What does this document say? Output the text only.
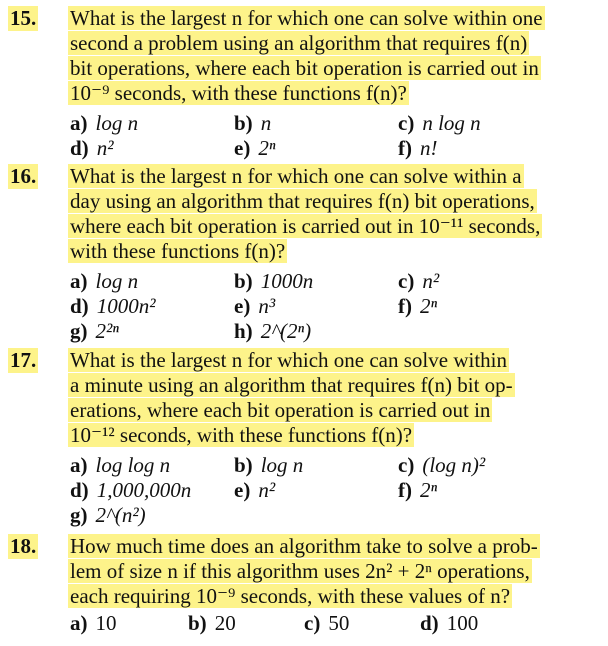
15. What is the largest n for which one can solve within one
second a problem using an algorithm that requires f(n)
bit operations, where each bit operation is carried out in
10⁻⁹ seconds, with these functions f(n)?
a) log n	b) n	c) n log n
d) n²	e) 2ⁿ	f) n!
16. What is the largest n for which one can solve within a
day using an algorithm that requires f(n) bit operations,
where each bit operation is carried out in 10⁻¹¹ seconds,
with these functions f(n)?
a) log n	b) 1000n	c) n²
d) 1000n²	e) n³	f) 2ⁿ
g) 2²ⁿ	h) 2^(2ⁿ)
17. What is the largest n for which one can solve within
a minute using an algorithm that requires f(n) bit op-
erations, where each bit operation is carried out in
10⁻¹² seconds, with these functions f(n)?
a) log log n	b) log n	c) (log n)²
d) 1,000,000n e) n²	f) 2ⁿ
g) 2^(n²)
18. How much time does an algorithm take to solve a prob-
lem of size n if this algorithm uses 2n² + 2ⁿ operations,
each requiring 10⁻⁹ seconds, with these values of n?
a) 10	b) 20	c) 50	d) 100
